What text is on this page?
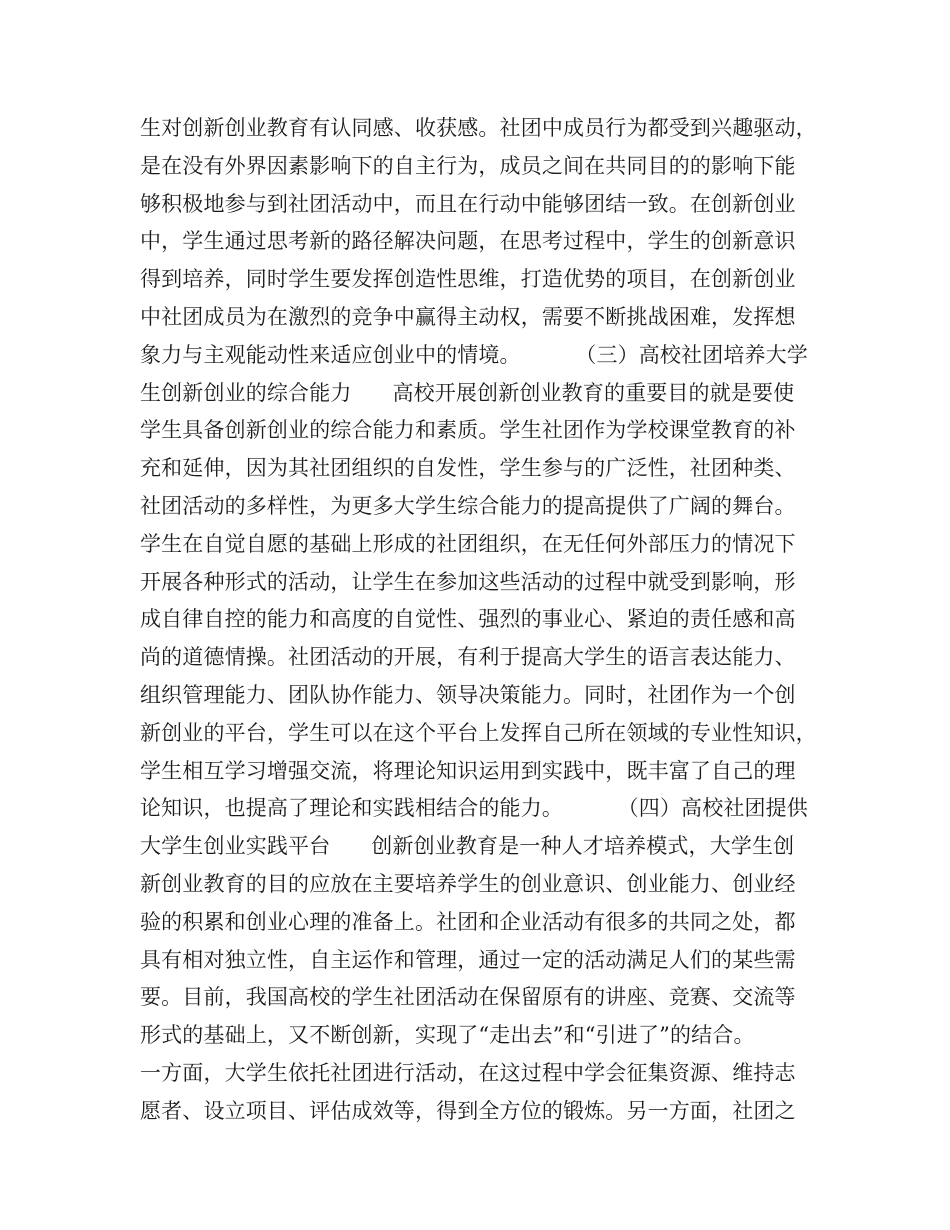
生对创新创业教育有认同感、收获感。社团中成员行为都受到兴趣驱动，
是在没有外界因素影响下的自主行为，成员之间在共同目的的影响下能
够积极地参与到社团活动中，而且在行动中能够团结一致。在创新创业
中，学生通过思考新的路径解决问题，在思考过程中，学生的创新意识
得到培养，同时学生要发挥创造性思维，打造优势的项目，在创新创业
中社团成员为在激烈的竞争中赢得主动权，需要不断挑战困难，发挥想
象力与主观能动性来适应创业中的情境。        （三）高校社团培养大学
生创新创业的综合能力      高校开展创新创业教育的重要目的就是要使
学生具备创新创业的综合能力和素质。学生社团作为学校课堂教育的补
充和延伸，因为其社团组织的自发性，学生参与的广泛性，社团种类、
社团活动的多样性，为更多大学生综合能力的提高提供了广阔的舞台。
学生在自觉自愿的基础上形成的社团组织，在无任何外部压力的情况下
开展各种形式的活动，让学生在参加这些活动的过程中就受到影响，形
成自律自控的能力和高度的自觉性、强烈的事业心、紧迫的责任感和高
尚的道德情操。社团活动的开展，有利于提高大学生的语言表达能力、
组织管理能力、团队协作能力、领导决策能力。同时，社团作为一个创
新创业的平台，学生可以在这个平台上发挥自己所在领域的专业性知识，
学生相互学习增强交流，将理论知识运用到实践中，既丰富了自己的理
论知识，也提高了理论和实践相结合的能力。        （四）高校社团提供
大学生创业实践平台      创新创业教育是一种人才培养模式，大学生创
新创业教育的目的应放在主要培养学生的创业意识、创业能力、创业经
验的积累和创业心理的准备上。社团和企业活动有很多的共同之处，都
具有相对独立性，自主运作和管理，通过一定的活动满足人们的某些需
要。目前，我国高校的学生社团活动在保留原有的讲座、竞赛、交流等
形式的基础上，又不断创新，实现了“走出去”和“引进了”的结合。
一方面，大学生依托社团进行活动，在这过程中学会征集资源、维持志
愿者、设立项目、评估成效等，得到全方位的锻炼。另一方面，社团之
